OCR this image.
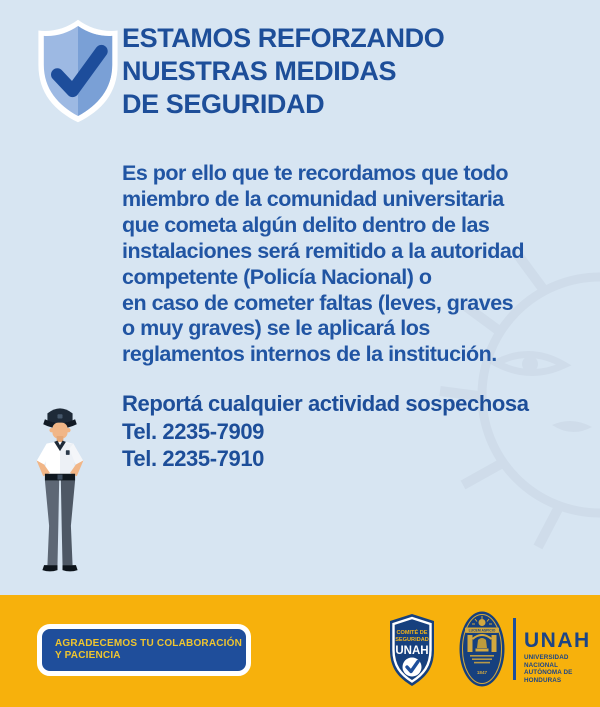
ESTAMOS REFORZANDO
NUESTRAS MEDIDAS
DE SEGURIDAD
Es por ello que te recordamos que todo
miembro de la comunidad universitaria
que cometa algún delito dentro de las
instalaciones será remitido a la autoridad
competente (Policía Nacional) o
en caso de cometer faltas (leves, graves
o muy graves) se le aplicará los
reglamentos internos de la institución.
Reportá cualquier actividad sospechosa
Tel. 2235-7909
Tel. 2235-7910
AGRADECEMOS TU COLABORACIÓN
Y PACIENCIA
COMITÉ DE
SEGURIDAD
UNAH
LUCEM ASPICIO
1847
UNAH
UNIVERSIDAD NACIONAL
AUTÓNOMA DE HONDURAS
